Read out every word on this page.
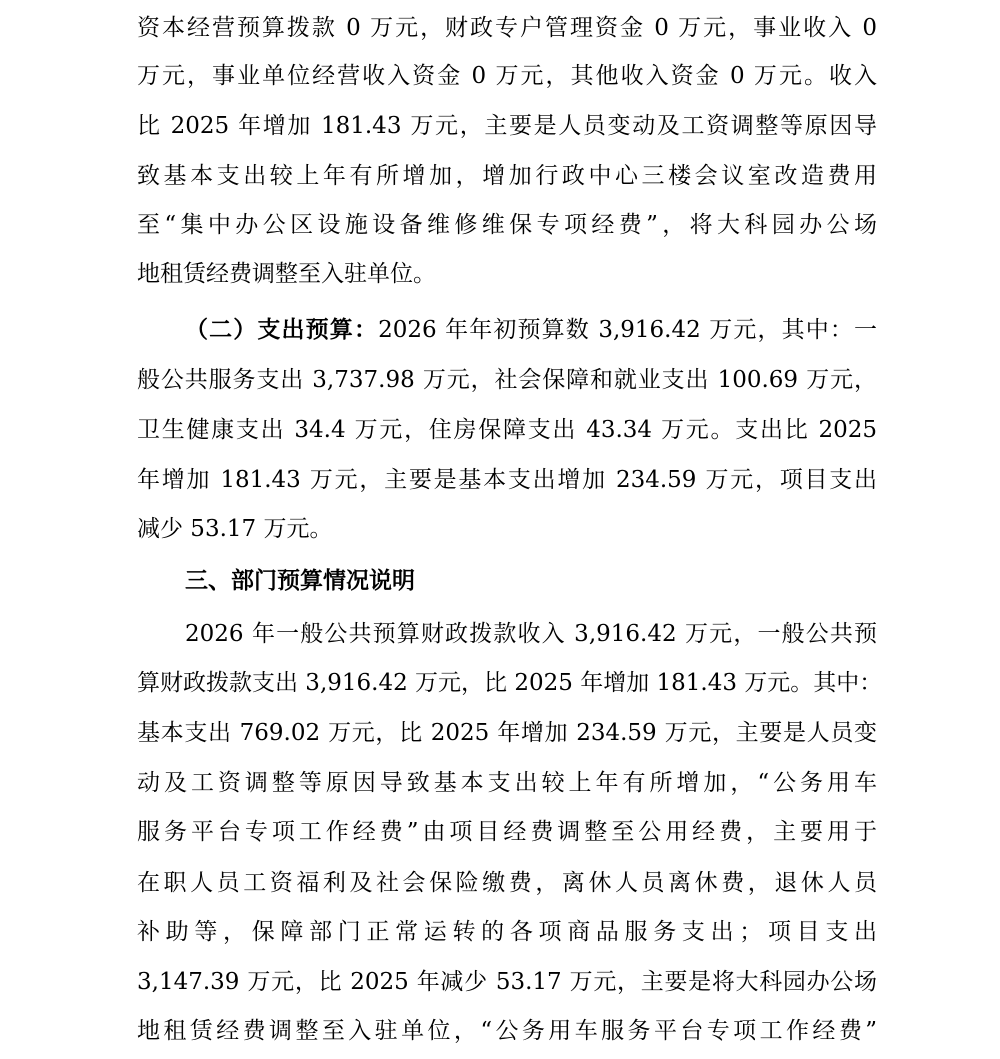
资本经营预算拨款 0 万元，财政专户管理资金 0 万元，事业收入 0
万元，事业单位经营收入资金 0 万元，其他收入资金 0 万元。收入
比 2025 年增加 181.43 万元，主要是人员变动及工资调整等原因导
致基本支出较上年有所增加，增加行政中心三楼会议室改造费用
至“集中办公区设施设备维修维保专项经费”，将大科园办公场
地租赁经费调整至入驻单位。
（二）支出预算：2026 年年初预算数 3,916.42 万元，其中：一
般公共服务支出 3,737.98 万元，社会保障和就业支出 100.69 万元，
卫生健康支出 34.4 万元，住房保障支出 43.34 万元。支出比 2025
年增加 181.43 万元，主要是基本支出增加 234.59 万元，项目支出
减少 53.17 万元。
三、部门预算情况说明
2026 年一般公共预算财政拨款收入 3,916.42 万元，一般公共预
算财政拨款支出 3,916.42 万元，比 2025 年增加 181.43 万元。其中：
基本支出 769.02 万元，比 2025 年增加 234.59 万元，主要是人员变
动及工资调整等原因导致基本支出较上年有所增加，“公务用车
服务平台专项工作经费”由项目经费调整至公用经费，主要用于
在职人员工资福利及社会保险缴费，离休人员离休费，退休人员
补助等，保障部门正常运转的各项商品服务支出；项目支出
3,147.39 万元，比 2025 年减少 53.17 万元，主要是将大科园办公场
地租赁经费调整至入驻单位，“公务用车服务平台专项工作经费”
